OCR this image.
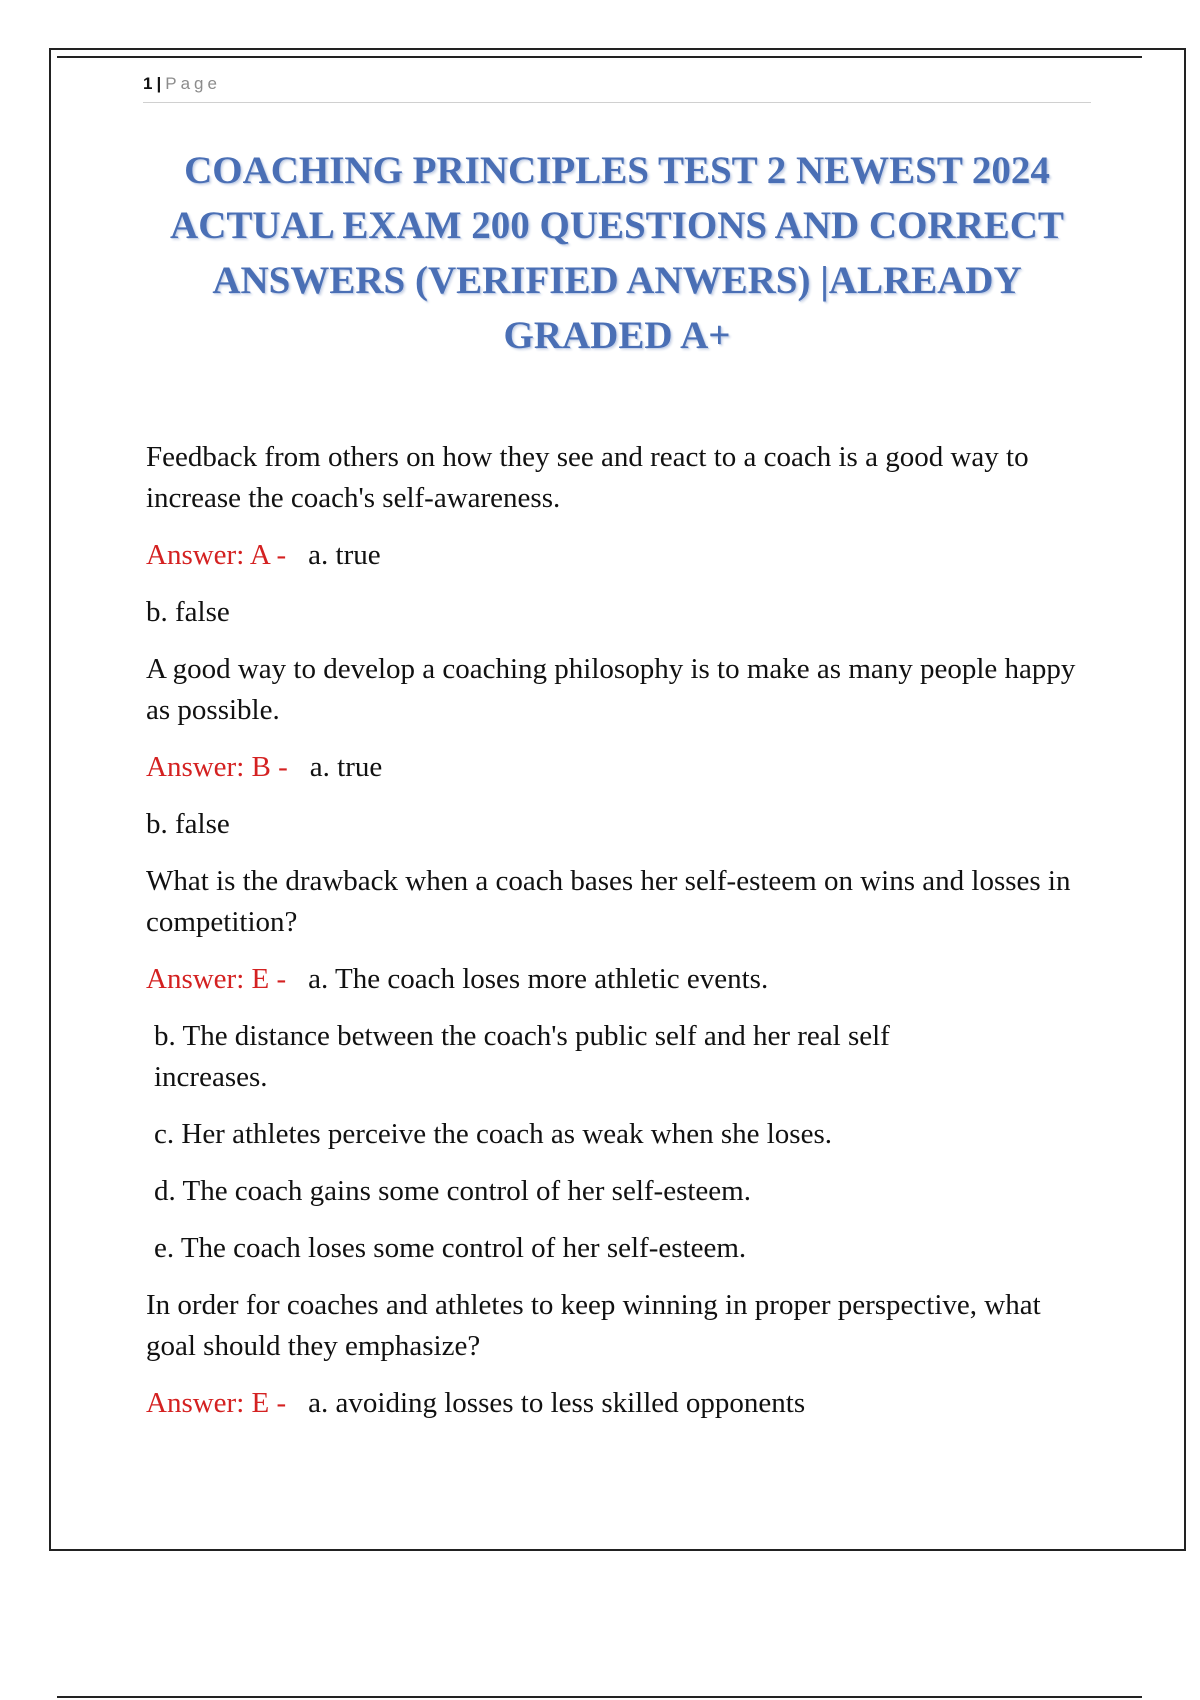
1 | Page
COACHING PRINCIPLES TEST 2 NEWEST 2024 ACTUAL EXAM 200 QUESTIONS AND CORRECT ANSWERS (VERIFIED ANWERS) |ALREADY GRADED A+

Feedback from others on how they see and react to a coach is a good way to increase the coach's self-awareness.

Answer: A - a. true
b. false

A good way to develop a coaching philosophy is to make as many people happy as possible.

Answer: B - a. true
b. false

What is the drawback when a coach bases her self-esteem on wins and losses in competition?

Answer: E - a. The coach loses more athletic events.
b. The distance between the coach's public self and her real self increases.
c. Her athletes perceive the coach as weak when she loses.
d. The coach gains some control of her self-esteem.
e. The coach loses some control of her self-esteem.

In order for coaches and athletes to keep winning in proper perspective, what goal should they emphasize?

Answer: E - a. avoiding losses to less skilled opponents
